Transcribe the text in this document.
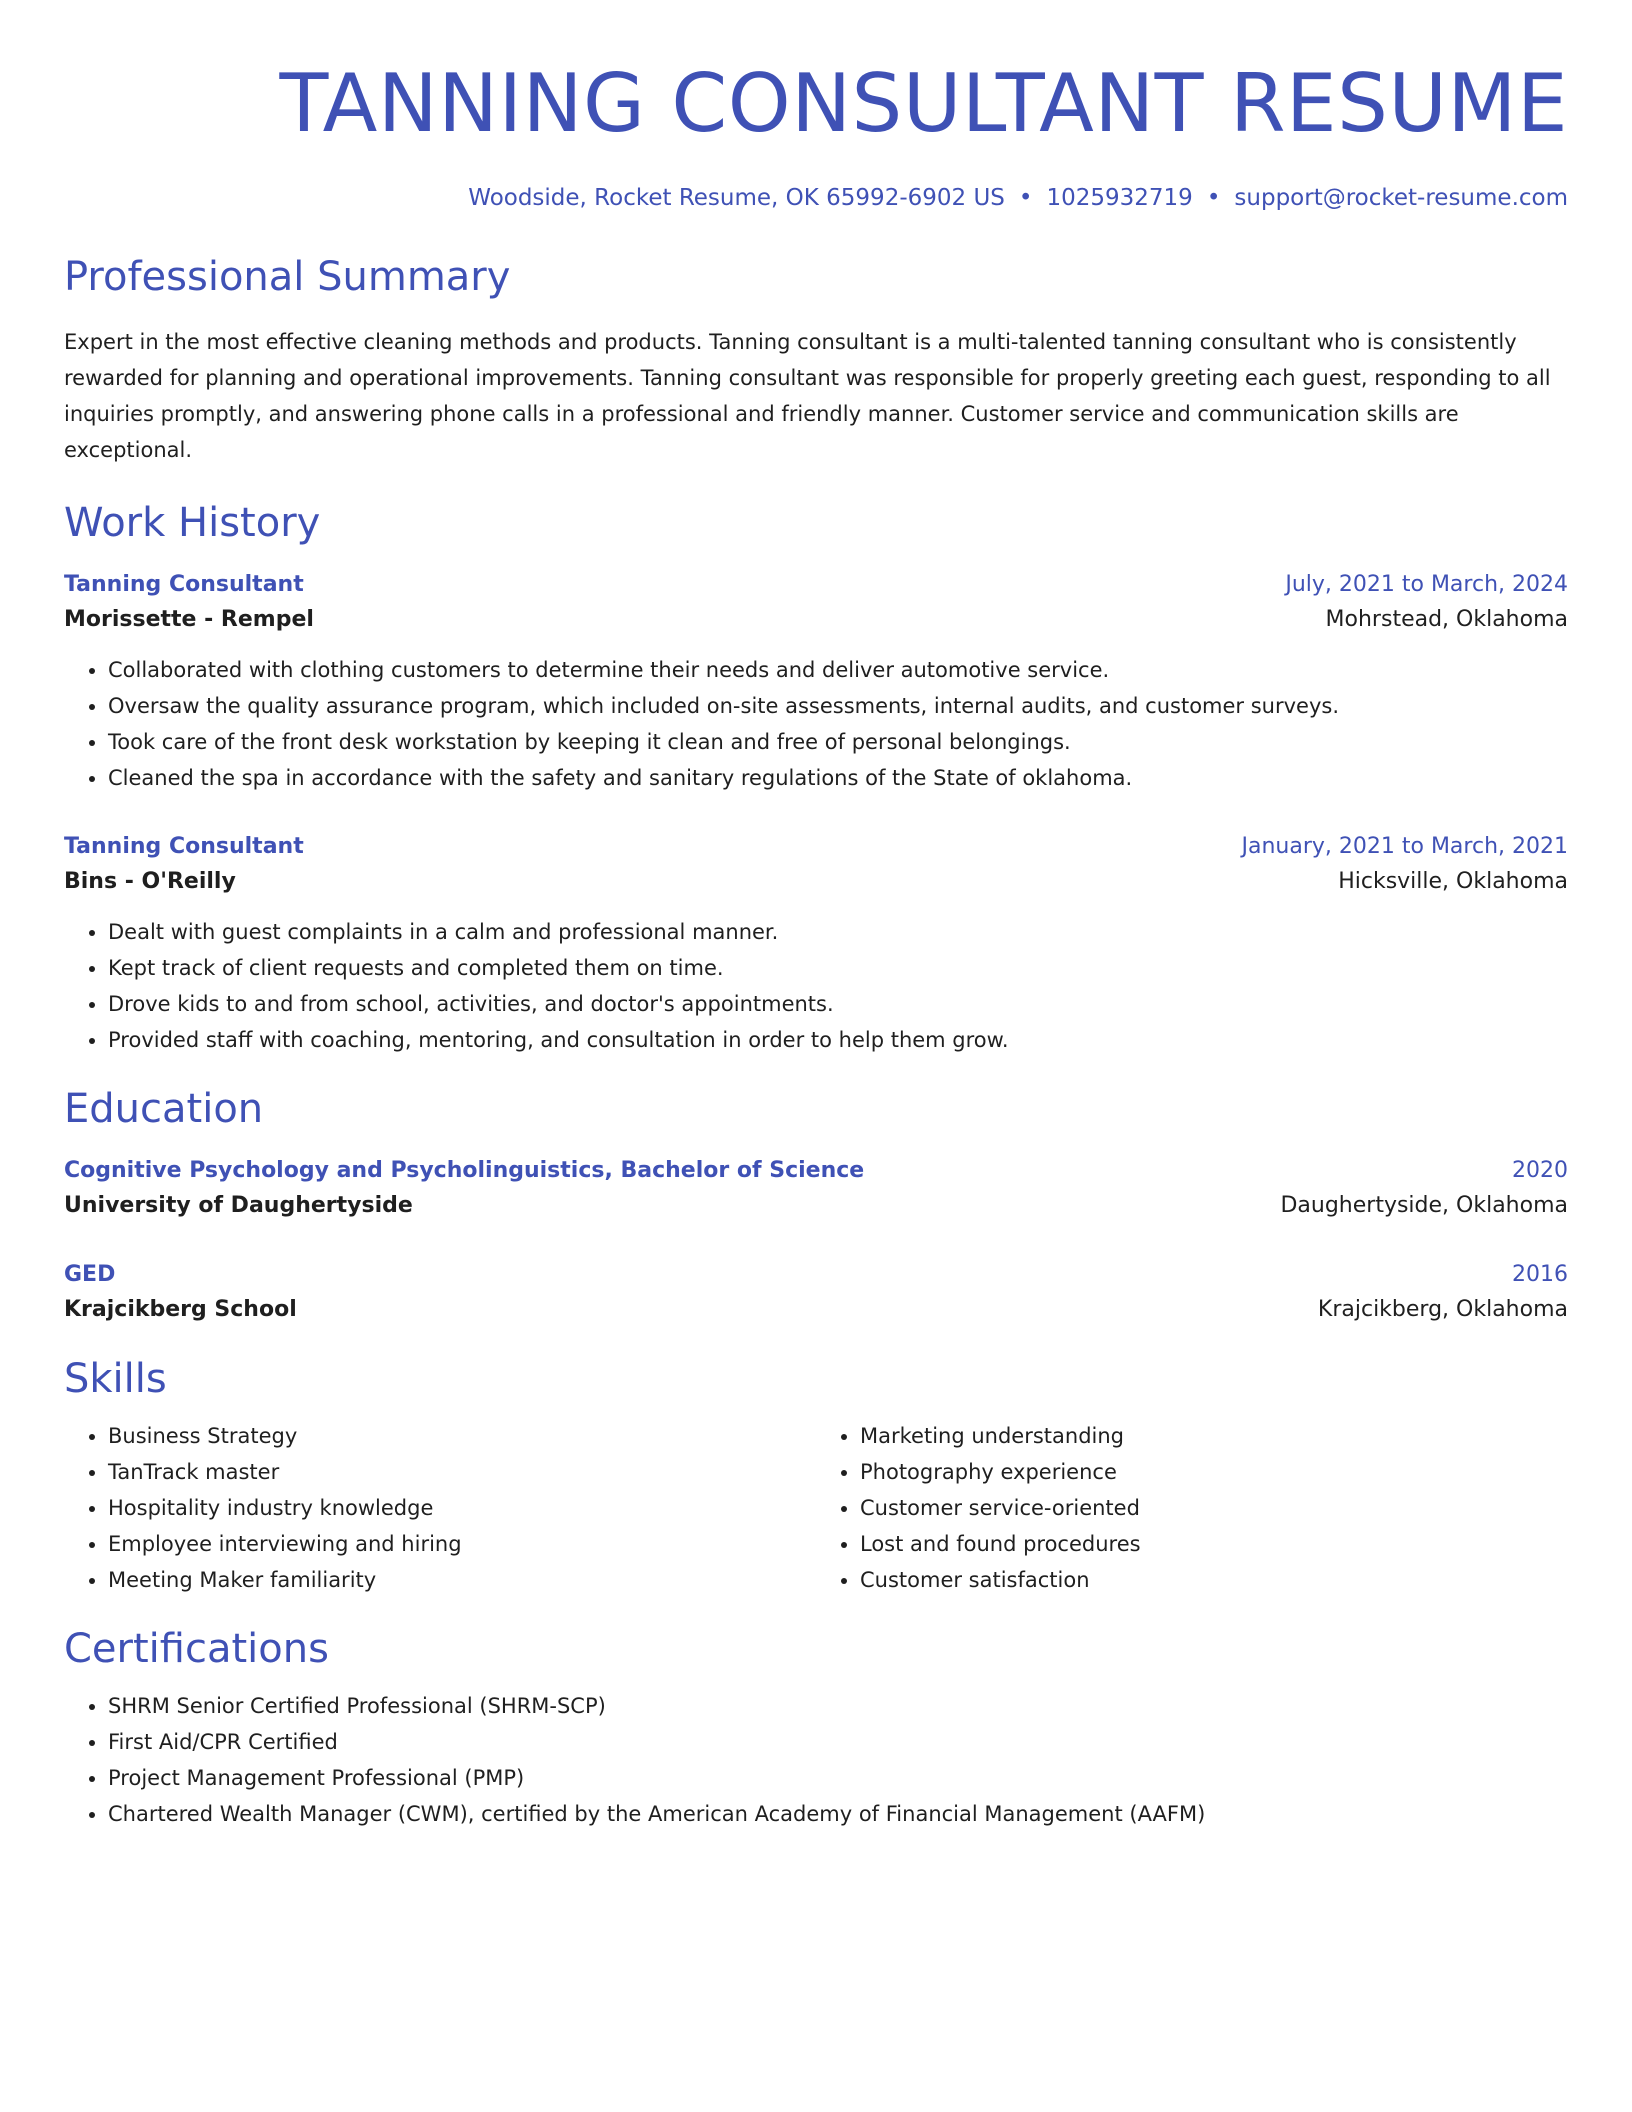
TANNING CONSULTANT RESUME
Woodside, Rocket Resume, OK 65992-6902 US • 1025932719 • support@rocket-resume.com
Professional Summary
Expert in the most effective cleaning methods and products. Tanning consultant is a multi-talented tanning consultant who is consistently rewarded for planning and operational improvements. Tanning consultant was responsible for properly greeting each guest, responding to all inquiries promptly, and answering phone calls in a professional and friendly manner. Customer service and communication skills are exceptional.
Work History
Tanning Consultant	July, 2021 to March, 2024
Morissette - Rempel	Mohrstead, Oklahoma
• Collaborated with clothing customers to determine their needs and deliver automotive service.
• Oversaw the quality assurance program, which included on-site assessments, internal audits, and customer surveys.
• Took care of the front desk workstation by keeping it clean and free of personal belongings.
• Cleaned the spa in accordance with the safety and sanitary regulations of the State of oklahoma.
Tanning Consultant	January, 2021 to March, 2021
Bins - O'Reilly	Hicksville, Oklahoma
• Dealt with guest complaints in a calm and professional manner.
• Kept track of client requests and completed them on time.
• Drove kids to and from school, activities, and doctor's appointments.
• Provided staff with coaching, mentoring, and consultation in order to help them grow.
Education
Cognitive Psychology and Psycholinguistics, Bachelor of Science	2020
University of Daughertyside	Daughertyside, Oklahoma
GED	2016
Krajcikberg School	Krajcikberg, Oklahoma
Skills
• Business Strategy
• TanTrack master
• Hospitality industry knowledge
• Employee interviewing and hiring
• Meeting Maker familiarity
• Marketing understanding
• Photography experience
• Customer service-oriented
• Lost and found procedures
• Customer satisfaction
Certifications
• SHRM Senior Certified Professional (SHRM-SCP)
• First Aid/CPR Certified
• Project Management Professional (PMP)
• Chartered Wealth Manager (CWM), certified by the American Academy of Financial Management (AAFM)
